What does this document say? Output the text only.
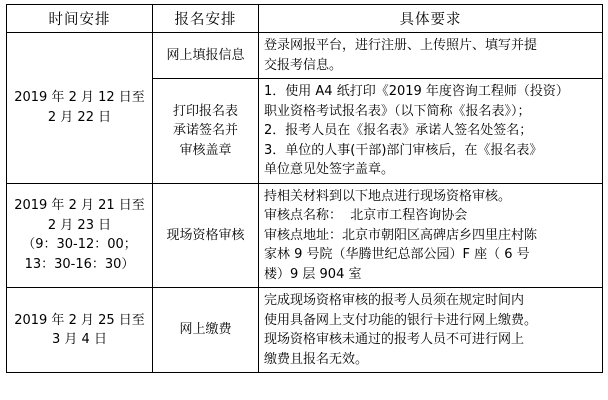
时间安排	报名安排	具体要求

2019 年 2 月 12 日至
2 月 22 日	网上填报信息	登录网报平台，进行注册、上传照片、填写并提
交报考信息。

	打印报名表
承诺签名并
审核盖章	1．使用 A4 纸打印《2019 年度咨询工程师（投资）
职业资格考试报名表》（以下简称《报名表》）；
2．报考人员在《报名表》承诺人签名处签名；
3．单位的人事(干部)部门审核后，在《报名表》
单位意见处签字盖章。

2019 年 2 月 21 日至
2 月 23 日
（9：30-12：00；
13：30-16：30）	现场资格审核	持相关材料到以下地点进行现场资格审核。
审核点名称：  北京市工程咨询协会
审核点地址：北京市朝阳区高碑店乡四里庄村陈
家林 9 号院（华腾世纪总部公园）F 座（ 6 号
楼）9 层 904 室

2019 年 2 月 25 日至
3 月 4 日	网上缴费	完成现场资格审核的报考人员须在规定时间内
使用具备网上支付功能的银行卡进行网上缴费。
现场资格审核未通过的报考人员不可进行网上
缴费且报名无效。
